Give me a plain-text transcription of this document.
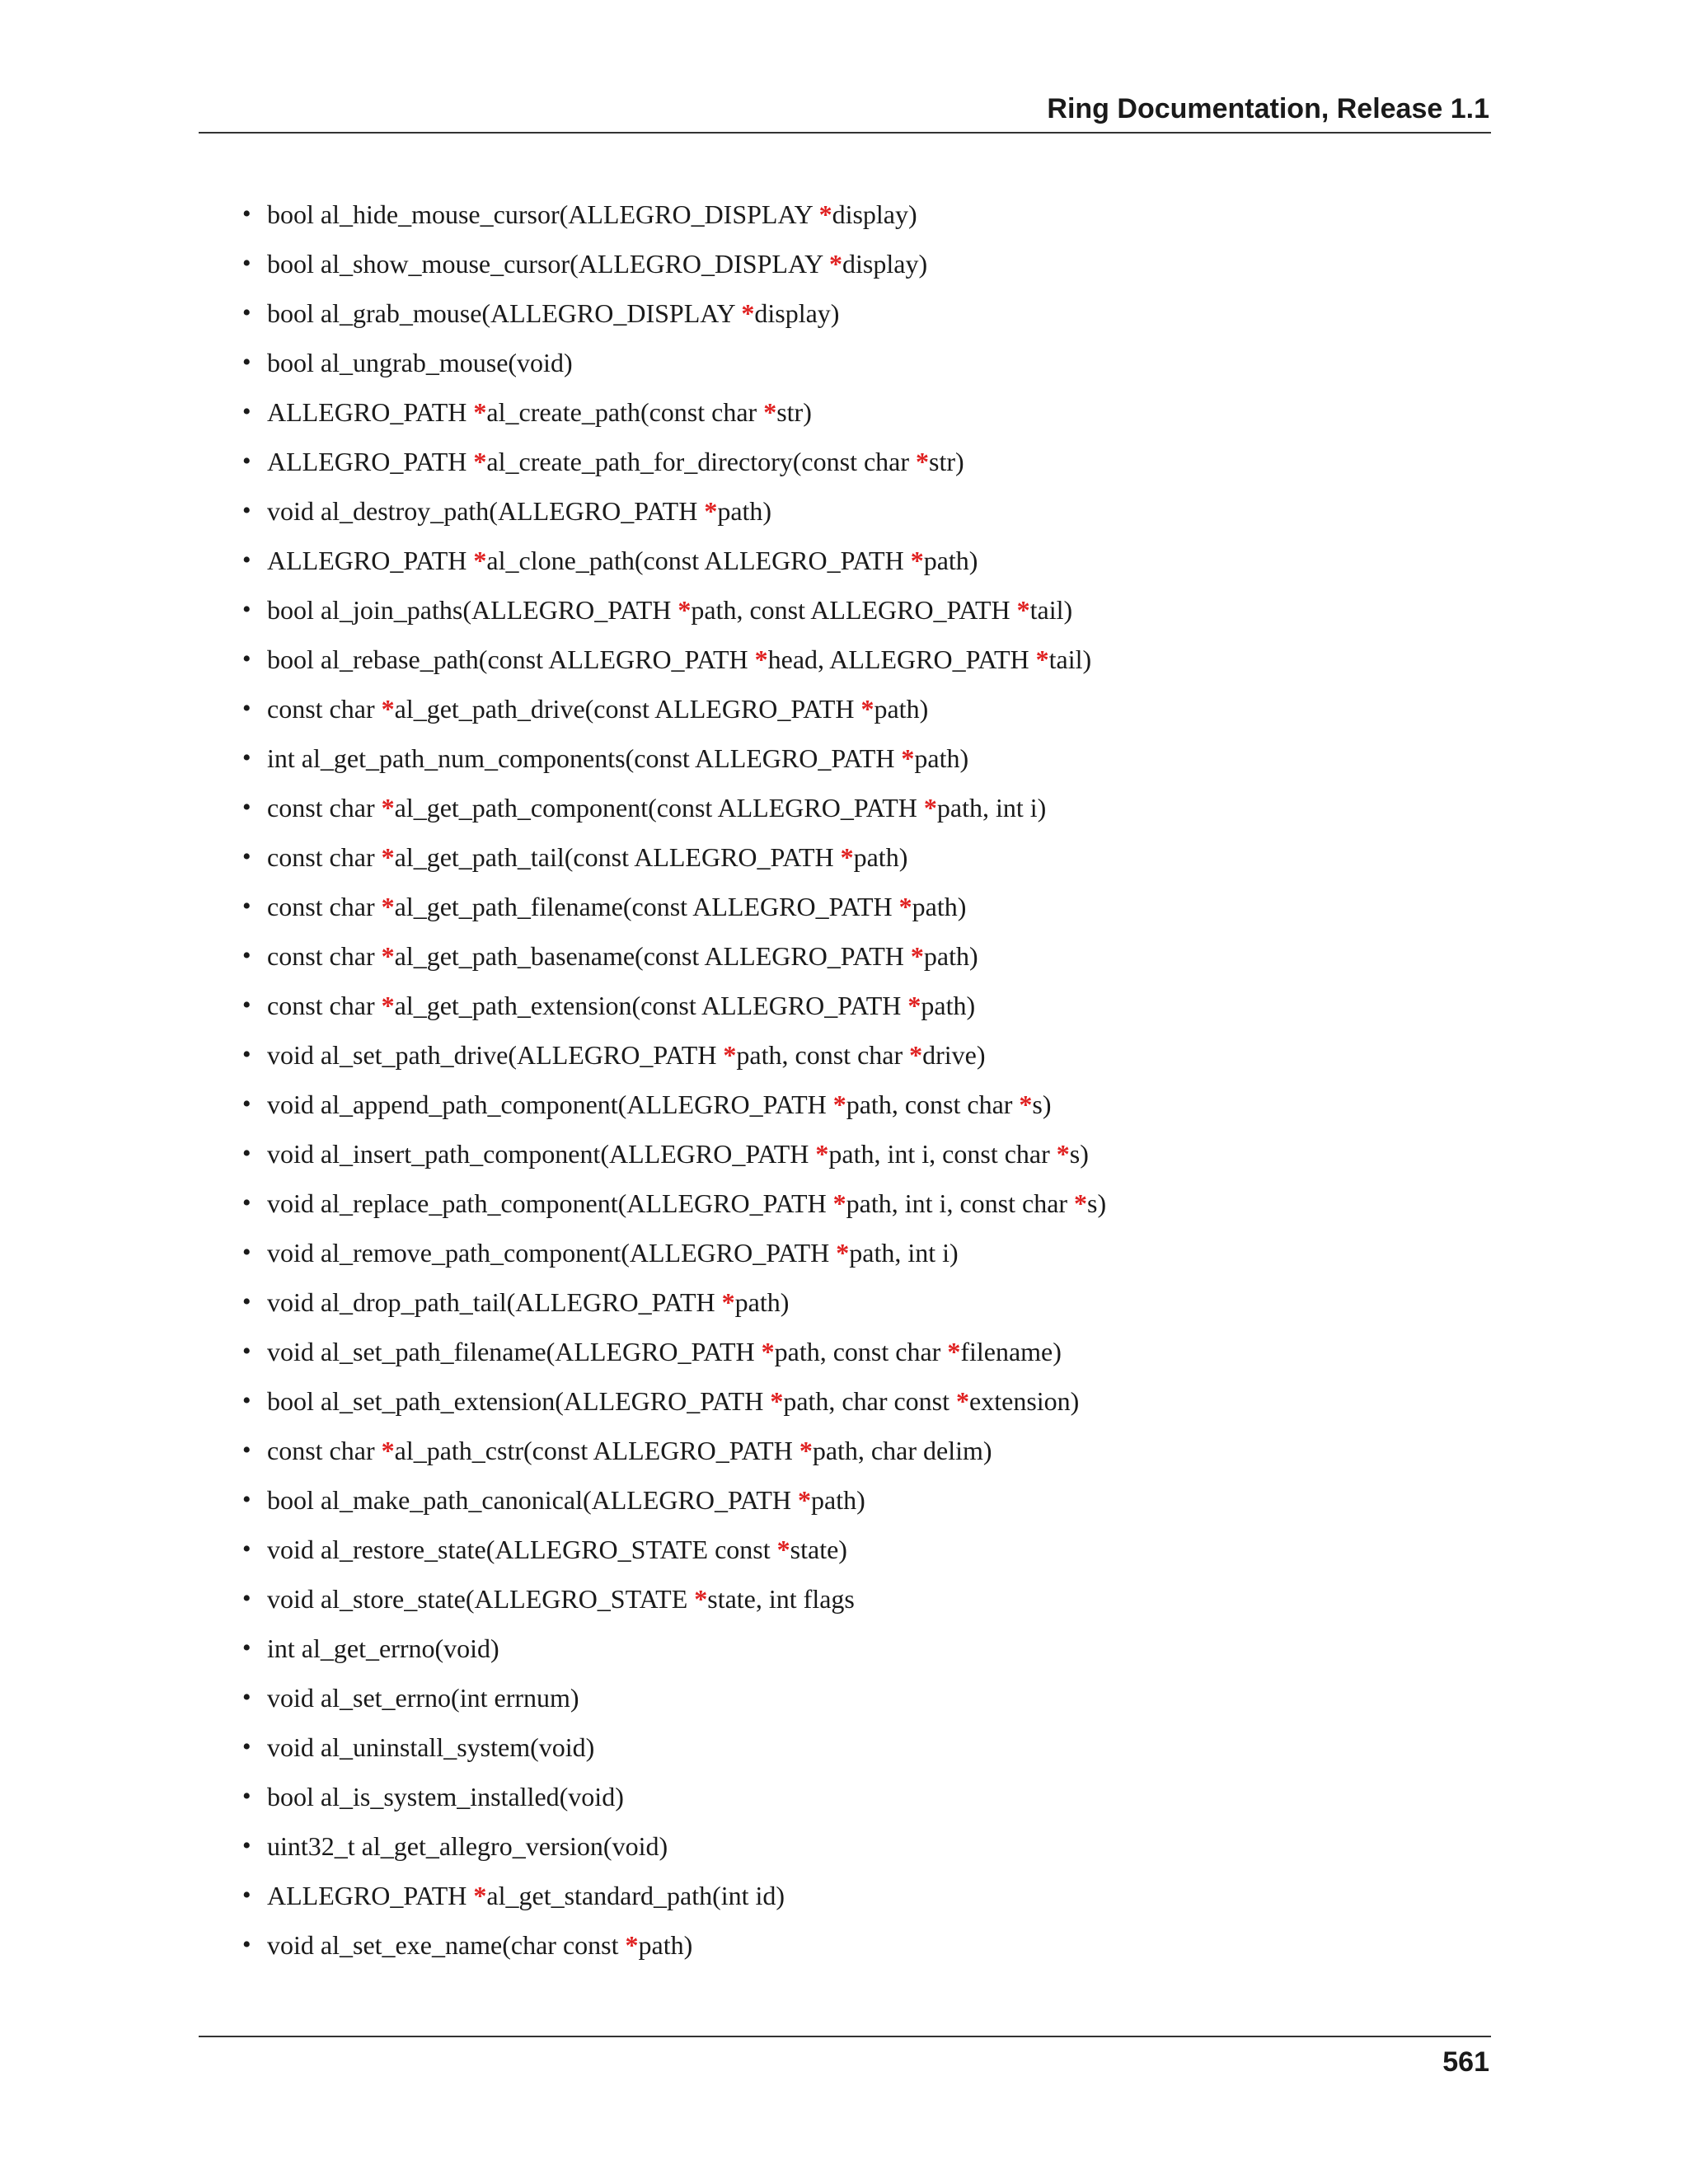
Ring Documentation, Release 1.1
• bool al_hide_mouse_cursor(ALLEGRO_DISPLAY *display)
• bool al_show_mouse_cursor(ALLEGRO_DISPLAY *display)
• bool al_grab_mouse(ALLEGRO_DISPLAY *display)
• bool al_ungrab_mouse(void)
• ALLEGRO_PATH *al_create_path(const char *str)
• ALLEGRO_PATH *al_create_path_for_directory(const char *str)
• void al_destroy_path(ALLEGRO_PATH *path)
• ALLEGRO_PATH *al_clone_path(const ALLEGRO_PATH *path)
• bool al_join_paths(ALLEGRO_PATH *path, const ALLEGRO_PATH *tail)
• bool al_rebase_path(const ALLEGRO_PATH *head, ALLEGRO_PATH *tail)
• const char *al_get_path_drive(const ALLEGRO_PATH *path)
• int al_get_path_num_components(const ALLEGRO_PATH *path)
• const char *al_get_path_component(const ALLEGRO_PATH *path, int i)
• const char *al_get_path_tail(const ALLEGRO_PATH *path)
• const char *al_get_path_filename(const ALLEGRO_PATH *path)
• const char *al_get_path_basename(const ALLEGRO_PATH *path)
• const char *al_get_path_extension(const ALLEGRO_PATH *path)
• void al_set_path_drive(ALLEGRO_PATH *path, const char *drive)
• void al_append_path_component(ALLEGRO_PATH *path, const char *s)
• void al_insert_path_component(ALLEGRO_PATH *path, int i, const char *s)
• void al_replace_path_component(ALLEGRO_PATH *path, int i, const char *s)
• void al_remove_path_component(ALLEGRO_PATH *path, int i)
• void al_drop_path_tail(ALLEGRO_PATH *path)
• void al_set_path_filename(ALLEGRO_PATH *path, const char *filename)
• bool al_set_path_extension(ALLEGRO_PATH *path, char const *extension)
• const char *al_path_cstr(const ALLEGRO_PATH *path, char delim)
• bool al_make_path_canonical(ALLEGRO_PATH *path)
• void al_restore_state(ALLEGRO_STATE const *state)
• void al_store_state(ALLEGRO_STATE *state, int flags
• int al_get_errno(void)
• void al_set_errno(int errnum)
• void al_uninstall_system(void)
• bool al_is_system_installed(void)
• uint32_t al_get_allegro_version(void)
• ALLEGRO_PATH *al_get_standard_path(int id)
• void al_set_exe_name(char const *path)
561
